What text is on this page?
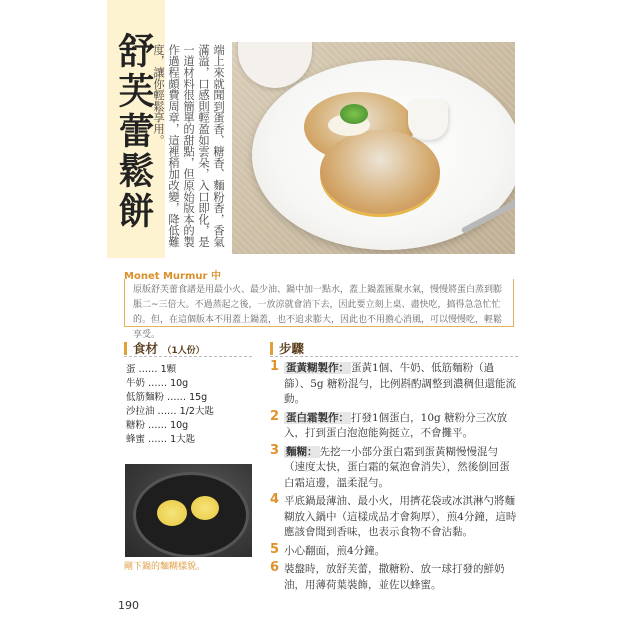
舒芙蕾鬆餅	端上來就聞到蛋香、糖香、麵粉香，香氣滿溢，口感則輕盈如雲朵，入口即化，是一道材料很簡單的甜點，但原始版本的製作過程頗費周章，這裡稍加改變，降低難度，讓你輕鬆享用。
Monet Murmur 中
原版舒芙蕾食譜是用最小火、最少油、鍋中加一點水，蓋上鍋蓋匯聚水氣，慢慢將蛋白蒸到膨脹二~三倍大。不過蒸起之後，一放涼就會消下去，因此要立刻上桌、盡快吃，搞得急急忙忙的。但，在這個版本不用蓋上鍋蓋，也不追求膨大，因此也不用擔心消風，可以慢慢吃，輕鬆享受。
食材 （1人份）
蛋 …… 1顆
牛奶 …… 10g
低筋麵粉 …… 15g
沙拉油 …… 1/2大匙
糖粉 …… 10g
蜂蜜 …… 1大匙
剛下鍋的麵糊樣貌。
步驟
1 蛋黃糊製作： 蛋黃1個、牛奶、低筋麵粉（過篩）、5g 糖粉混勻，比例斟酌調整到濃稠但還能流動。
2 蛋白霜製作： 打發1個蛋白，10g 糖粉分三次放入，打到蛋白泡泡能夠挺立，不會攤平。
3 麵糊： 先挖一小部分蛋白霜到蛋黃糊慢慢混勻（速度太快，蛋白霜的氣泡會消失），然後倒回蛋白霜這邊，溫柔混勻。
4 平底鍋最薄油、最小火，用擠花袋或冰淇淋勺將麵糊放入鍋中（這樣成品才會夠厚），煎4分鐘，這時應該會聞到香味，也表示食物不會沾黏。
5 小心翻面，煎4分鐘。
6 裝盤時，放舒芙蕾，撒糖粉、放一球打發的鮮奶油，用薄荷葉裝飾，並佐以蜂蜜。
190
